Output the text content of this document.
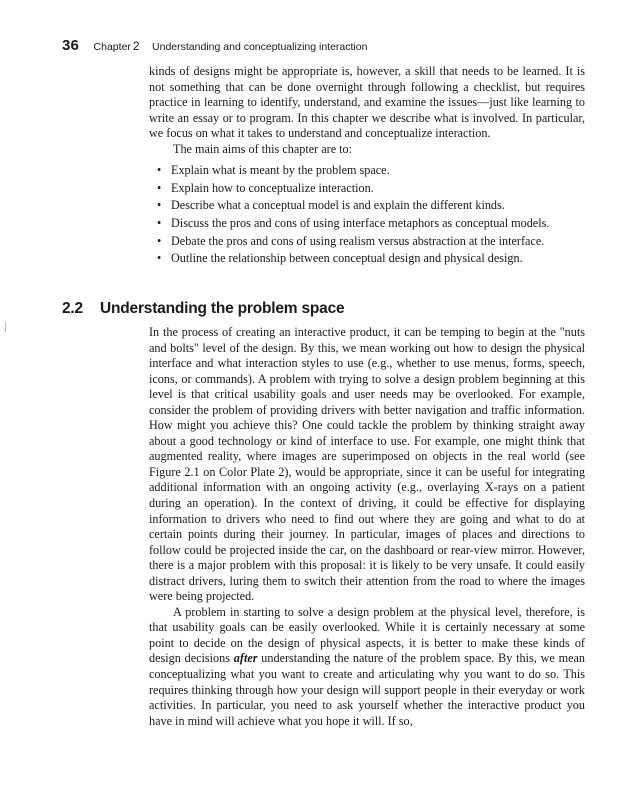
36 Chapter 2 Understanding and conceptualizing interaction

kinds of designs might be appropriate is, however, a skill that needs to be learned. It is not something that can be done overnight through following a checklist, but requires practice in learning to identify, understand, and examine the issues—just like learning to write an essay or to program. In this chapter we describe what is involved. In particular, we focus on what it takes to understand and conceptualize interaction.

The main aims of this chapter are to:

• Explain what is meant by the problem space.
• Explain how to conceptualize interaction.
• Describe what a conceptual model is and explain the different kinds.
• Discuss the pros and cons of using interface metaphors as conceptual models.
• Debate the pros and cons of using realism versus abstraction at the interface.
• Outline the relationship between conceptual design and physical design.
2.2 Understanding the problem space

In the process of creating an interactive product, it can be temping to begin at the "nuts and bolts" level of the design. By this, we mean working out how to design the physical interface and what interaction styles to use (e.g., whether to use menus, forms, speech, icons, or commands). A problem with trying to solve a design problem beginning at this level is that critical usability goals and user needs may be overlooked. For example, consider the problem of providing drivers with better navigation and traffic information. How might you achieve this? One could tackle the problem by thinking straight away about a good technology or kind of interface to use. For example, one might think that augmented reality, where images are superimposed on objects in the real world (see Figure 2.1 on Color Plate 2), would be appropriate, since it can be useful for integrating additional information with an ongoing activity (e.g., overlaying X-rays on a patient during an operation). In the context of driving, it could be effective for displaying information to drivers who need to find out where they are going and what to do at certain points during their journey. In particular, images of places and directions to follow could be projected inside the car, on the dashboard or rear-view mirror. However, there is a major problem with this proposal: it is likely to be very unsafe. It could easily distract drivers, luring them to switch their attention from the road to where the images were being projected.

A problem in starting to solve a design problem at the physical level, therefore, is that usability goals can be easily overlooked. While it is certainly necessary at some point to decide on the design of physical aspects, it is better to make these kinds of design decisions after understanding the nature of the problem space. By this, we mean conceptualizing what you want to create and articulating why you want to do so. This requires thinking through how your design will support people in their everyday or work activities. In particular, you need to ask yourself whether the interactive product you have in mind will achieve what you hope it will. If so,
